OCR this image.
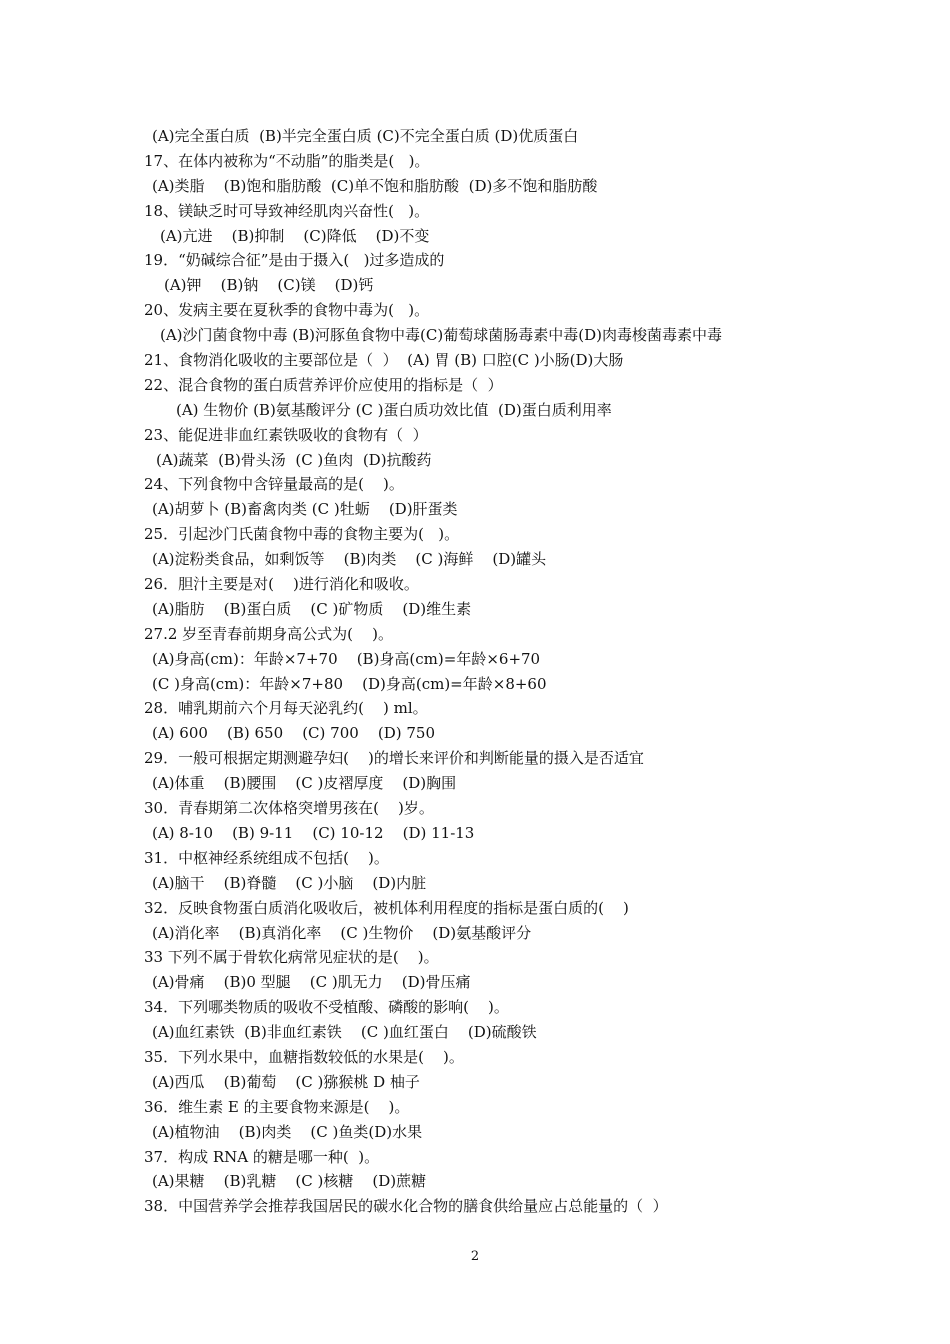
(A)完全蛋白质  (B)半完全蛋白质 (C)不完全蛋白质 (D)优质蛋白
17、在体内被称为“不动脂”的脂类是(   )。
(A)类脂    (B)饱和脂肪酸  (C)单不饱和脂肪酸  (D)多不饱和脂肪酸
18、镁缺乏时可导致神经肌肉兴奋性(   )。
(A)亢进    (B)抑制    (C)降低    (D)不变
19．“奶碱综合征”是由于摄入(   )过多造成的
(A)钾    (B)钠    (C)镁    (D)钙
20、发病主要在夏秋季的食物中毒为(   )。
(A)沙门菌食物中毒 (B)河豚鱼食物中毒(C)葡萄球菌肠毒素中毒(D)肉毒梭菌毒素中毒
21、食物消化吸收的主要部位是（  ）  (A) 胃 (B) 口腔(C )小肠(D)大肠
22、混合食物的蛋白质营养评价应使用的指标是（  ）
(A) 生物价 (B)氨基酸评分 (C )蛋白质功效比值  (D)蛋白质利用率
23、能促进非血红素铁吸收的食物有（  ）
(A)蔬菜  (B)骨头汤  (C )鱼肉  (D)抗酸药
24、下列食物中含锌量最高的是(    )。
(A)胡萝卜 (B)畜禽肉类 (C )牡蛎    (D)肝蛋类
25．引起沙门氏菌食物中毒的食物主要为(   )。
(A)淀粉类食品，如剩饭等    (B)肉类    (C )海鲜    (D)罐头
26．胆汁主要是对(    )进行消化和吸收。
(A)脂肪    (B)蛋白质    (C )矿物质    (D)维生素
27.2 岁至青春前期身高公式为(    )。
(A)身高(cm)：年龄×7+70    (B)身高(cm)=年龄×6+70
(C )身高(cm)：年龄×7+80    (D)身高(cm)=年龄×8+60
28．哺乳期前六个月每天泌乳约(    ) ml。
(A) 600    (B) 650    (C) 700    (D) 750
29．一般可根据定期测避孕妇(    )的增长来评价和判断能量的摄入是否适宜
(A)体重    (B)腰围    (C )皮褶厚度    (D)胸围
30．青春期第二次体格突增男孩在(    )岁。
(A) 8-10    (B) 9-11    (C) 10-12    (D) 11-13
31．中枢神经系统组成不包括(    )。
(A)脑干    (B)脊髓    (C )小脑    (D)内脏
32．反映食物蛋白质消化吸收后，被机体利用程度的指标是蛋白质的(    )
(A)消化率    (B)真消化率    (C )生物价    (D)氨基酸评分
33 下列不属于骨软化病常见症状的是(    )。
(A)骨痛    (B)0 型腿    (C )肌无力    (D)骨压痛
34．下列哪类物质的吸收不受植酸、磷酸的影响(    )。
(A)血红素铁  (B)非血红素铁    (C )血红蛋白    (D)硫酸铁
35．下列水果中，血糖指数较低的水果是(    )。
(A)西瓜    (B)葡萄    (C )猕猴桃 D 柚子
36．维生素 E 的主要食物来源是(    )。
(A)植物油    (B)肉类    (C )鱼类(D)水果
37．构成 RNA 的糖是哪一种(  )。
(A)果糖    (B)乳糖    (C )核糖    (D)蔗糖
38．中国营养学会推荐我国居民的碳水化合物的膳食供给量应占总能量的（  ）
2
